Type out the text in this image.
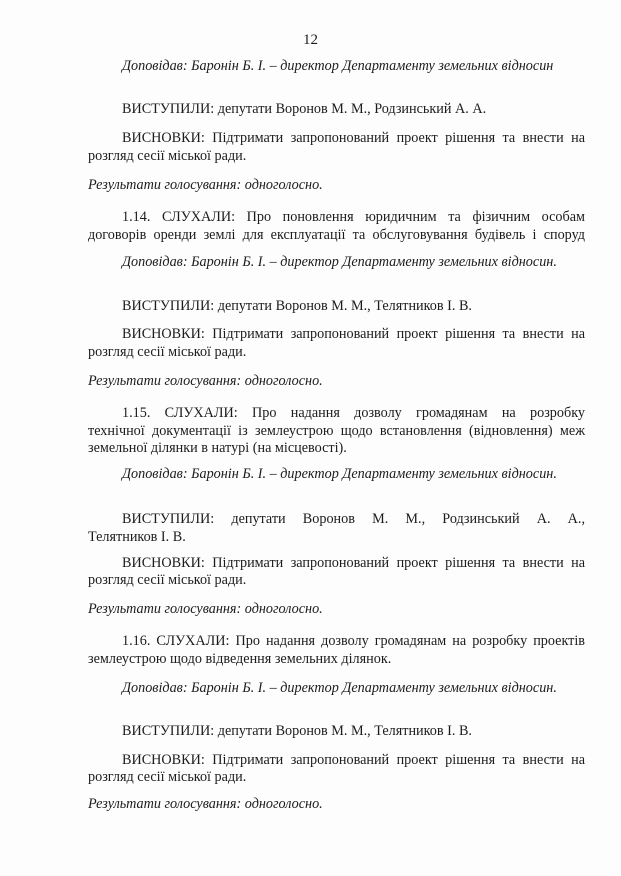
12
Доповідав: Баронін Б. І. – директор Департаменту земельних відносин
ВИСТУПИЛИ: депутати Воронов М. М., Родзинський А. А.
ВИСНОВКИ: Підтримати запропонований проект рішення та внести на
розгляд сесії міської ради.
Результати голосування: одноголосно.
1.14. СЛУХАЛИ: Про поновлення юридичним та фізичним особам
договорів оренди землі для експлуатації та обслуговування будівель і споруд
Доповідав: Баронін Б. І. – директор Департаменту земельних відносин.
ВИСТУПИЛИ: депутати Воронов М. М., Телятников І. В.
ВИСНОВКИ: Підтримати запропонований проект рішення та внести на
розгляд сесії міської ради.
Результати голосування: одноголосно.
1.15. СЛУХАЛИ: Про надання дозволу громадянам на розробку
технічної документації із землеустрою щодо встановлення (відновлення) меж
земельної ділянки в натурі (на місцевості).
Доповідав: Баронін Б. І. – директор Департаменту земельних відносин.
ВИСТУПИЛИ: депутати Воронов М. М., Родзинський А. А.,
Телятников І. В.
ВИСНОВКИ: Підтримати запропонований проект рішення та внести на
розгляд сесії міської ради.
Результати голосування: одноголосно.
1.16. СЛУХАЛИ: Про надання дозволу громадянам на розробку проектів
землеустрою щодо відведення земельних ділянок.
Доповідав: Баронін Б. І. – директор Департаменту земельних відносин.
ВИСТУПИЛИ: депутати Воронов М. М., Телятников І. В.
ВИСНОВКИ: Підтримати запропонований проект рішення та внести на
розгляд сесії міської ради.
Результати голосування: одноголосно.
